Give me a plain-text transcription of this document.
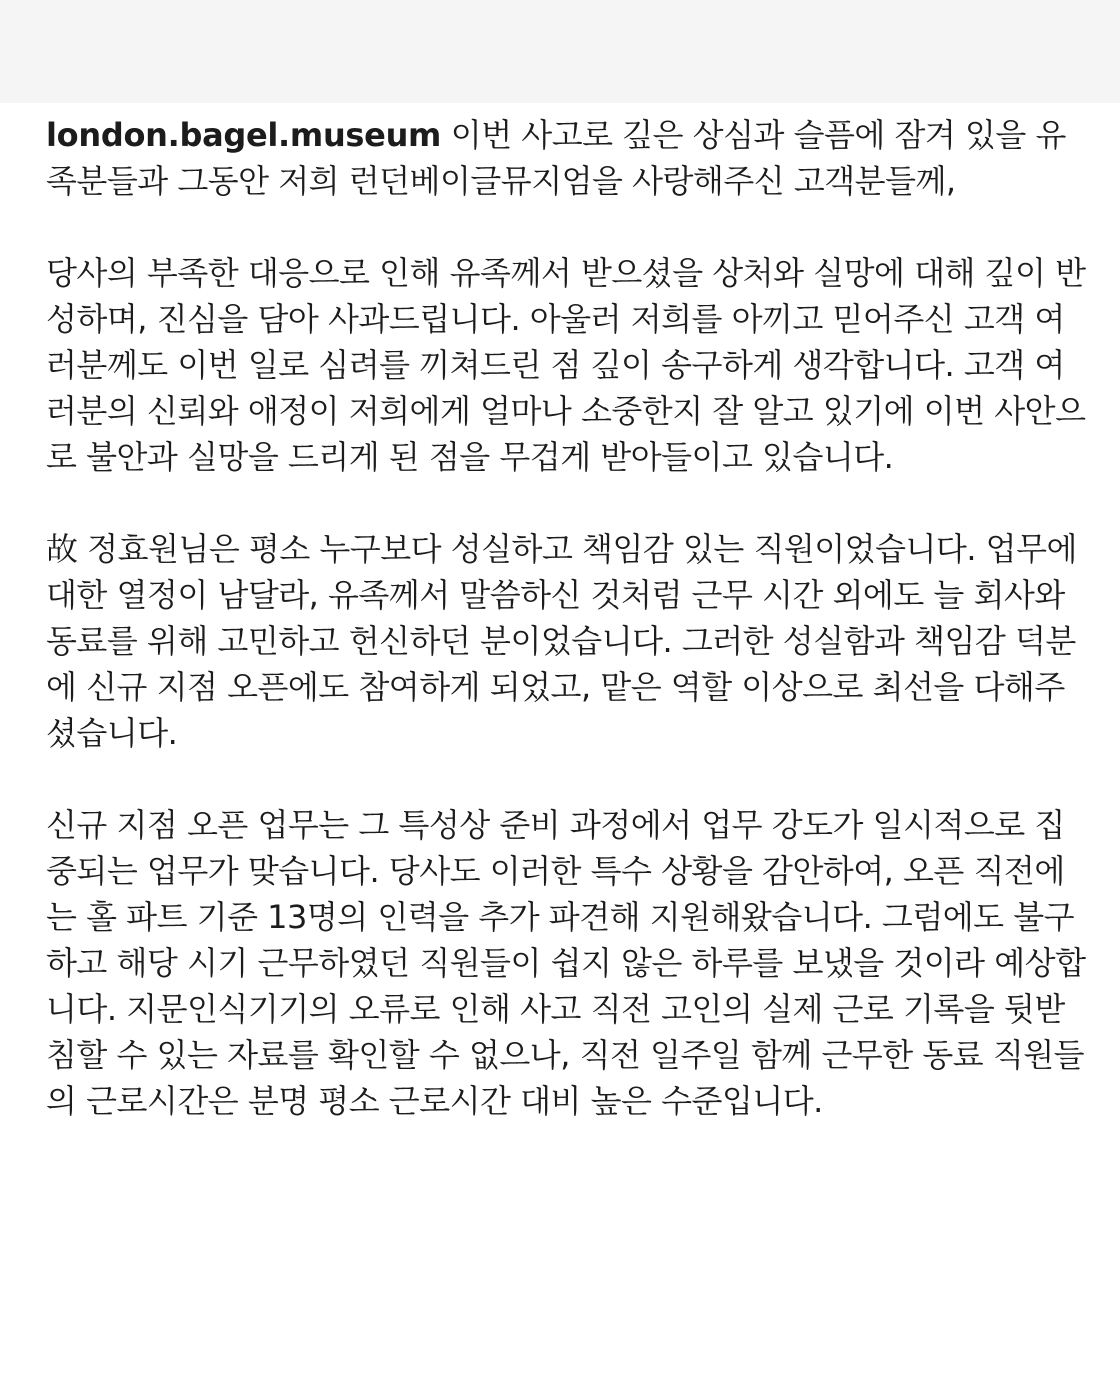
london.bagel.museum 이번 사고로 깊은 상심과 슬픔에 잠겨 있을 유족분들과 그동안 저희 런던베이글뮤지엄을 사랑해주신 고객분들께,

당사의 부족한 대응으로 인해 유족께서 받으셨을 상처와 실망에 대해 깊이 반성하며, 진심을 담아 사과드립니다. 아울러 저희를 아끼고 믿어주신 고객 여러분께도 이번 일로 심려를 끼쳐드린 점 깊이 송구하게 생각합니다. 고객 여러분의 신뢰와 애정이 저희에게 얼마나 소중한지 잘 알고 있기에 이번 사안으로 불안과 실망을 드리게 된 점을 무겁게 받아들이고 있습니다.

故 정효원님은 평소 누구보다 성실하고 책임감 있는 직원이었습니다. 업무에 대한 열정이 남달라, 유족께서 말씀하신 것처럼 근무 시간 외에도 늘 회사와 동료를 위해 고민하고 헌신하던 분이었습니다. 그러한 성실함과 책임감 덕분에 신규 지점 오픈에도 참여하게 되었고, 맡은 역할 이상으로 최선을 다해주셨습니다.

신규 지점 오픈 업무는 그 특성상 준비 과정에서 업무 강도가 일시적으로 집중되는 업무가 맞습니다. 당사도 이러한 특수 상황을 감안하여, 오픈 직전에는 홀 파트 기준 13명의 인력을 추가 파견해 지원해왔습니다. 그럼에도 불구하고 해당 시기 근무하였던 직원들이 쉽지 않은 하루를 보냈을 것이라 예상합니다. 지문인식기기의 오류로 인해 사고 직전 고인의 실제 근로 기록을 뒷받침할 수 있는 자료를 확인할 수 없으나, 직전 일주일 함께 근무한 동료 직원들의 근로시간은 분명 평소 근로시간 대비 높은 수준입니다.
